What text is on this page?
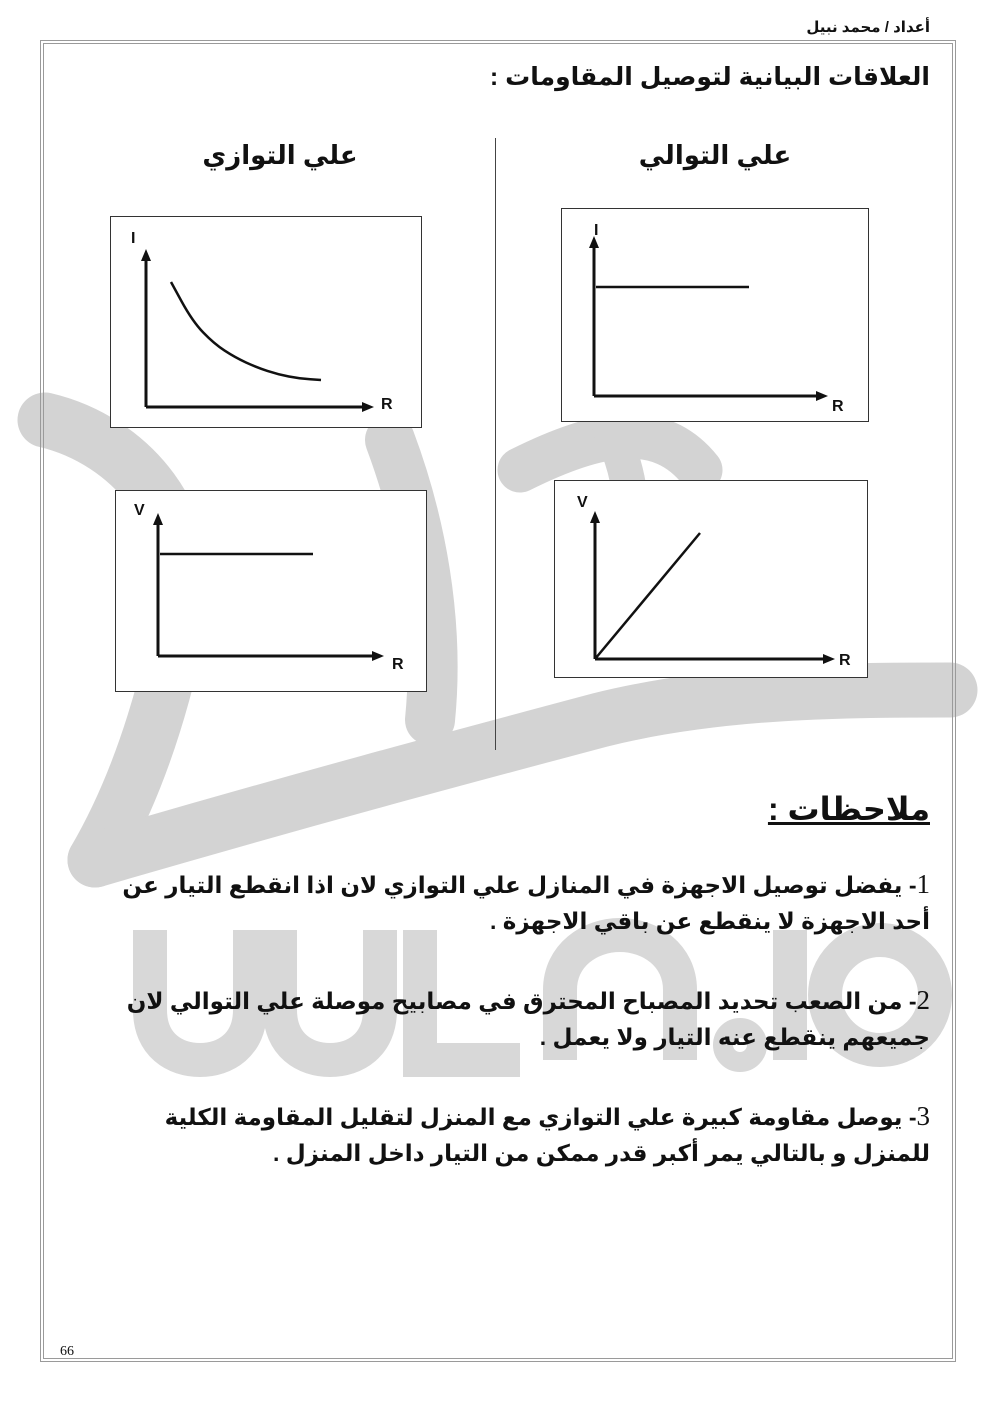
أعداد / محمد نبيل
العلاقات البيانية لتوصيل المقاومات :
علي التوازي	علي التوالي
I
R
V
R
I
R
V
R
ملاحظات :
1- يفضل توصيل الاجهزة في المنازل علي التوازي لان اذا انقطع التيار عن أحد الاجهزة لا ينقطع عن باقي الاجهزة .
2- من الصعب تحديد المصباح المحترق في مصابيح موصلة علي التوالي لان جميعهم ينقطع عنه التيار ولا يعمل .
3- يوصل مقاومة كبيرة علي التوازي مع المنزل لتقليل المقاومة الكلية للمنزل و بالتالي يمر أكبر قدر ممكن من التيار داخل المنزل .
66
